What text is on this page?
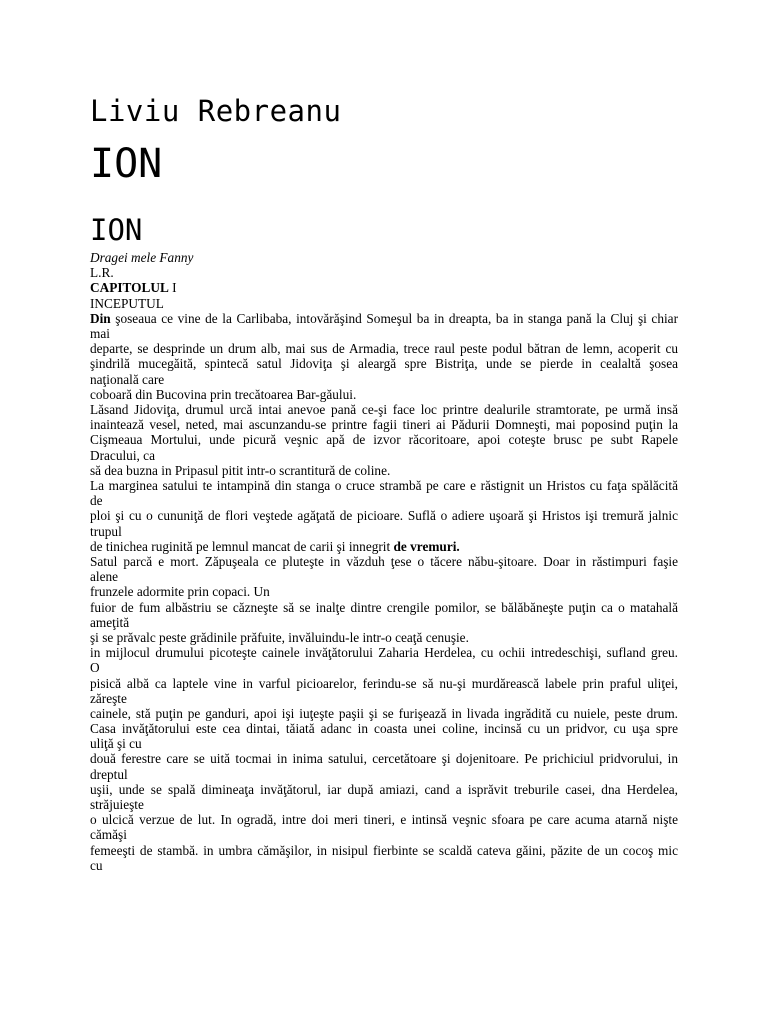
Liviu Rebreanu
ION
ION
Dragei mele Fanny
L.R.
CAPITOLUL I
INCEPUTUL
Din şoseaua ce vine de la Carlibaba, intovărăşind Someşul ba in dreapta, ba in stanga pană la Cluj şi chiar
mai
departe, se desprinde un drum alb, mai sus de Armadia, trece raul peste podul bătran de lemn, acoperit cu
şindrilă mucegăită, spintecă satul Jidoviţa şi aleargă spre Bistriţa, unde se pierde in cealaltă şosea
naţională care
coboară din Bucovina prin trecătoarea Bar-găului.
Lăsand Jidoviţa, drumul urcă intai anevoe pană ce-şi face loc printre dealurile stramtorate, pe urmă insă
inaintează vesel, neted, mai ascunzandu-se printre fagii tineri ai Pădurii Domneşti, mai poposind puţin la
Cişmeaua Mortului, unde picură veşnic apă de izvor răcoritoare, apoi coteşte brusc pe subt Rapele
Dracului, ca
să dea buzna in Pripasul pitit intr-o scrantitură de coline.
La marginea satului te intampină din stanga o cruce strambă pe care e răstignit un Hristos cu faţa spălăcită
de
ploi şi cu o cununiţă de flori veştede agăţată de picioare. Suflă o adiere uşoară şi Hristos işi tremură jalnic
trupul
de tinichea ruginită pe lemnul mancat de carii şi innegrit de vremuri.
Satul parcă e mort. Zăpuşeala ce pluteşte in văzduh ţese o tăcere năbu-şitoare. Doar in răstimpuri faşie
alene
frunzele adormite prin copaci. Un
fuior de fum albăstriu se căzneşte să se inalţe dintre crengile pomilor, se bălăbăneşte puţin ca o matahală
ameţită
şi se prăvalc peste grădinile prăfuite, invăluindu-le intr-o ceaţă cenuşie.
in mijlocul drumului picoteşte cainele invăţătorului Zaharia Herdelea, cu ochii intredeschişi, sufland greu.
O
pisică albă ca laptele vine in varful picioarelor, ferindu-se să nu-şi murdărească labele prin praful uliţei,
zăreşte
cainele, stă puţin pe ganduri, apoi işi iuţeşte paşii şi se furişează in livada ingrădită cu nuiele, peste drum.
Casa invăţătorului este cea dintai, tăiată adanc in coasta unei coline, incinsă cu un pridvor, cu uşa spre
uliţă şi cu
două ferestre care se uită tocmai in inima satului, cercetătoare şi dojenitoare. Pe prichiciul pridvorului, in
dreptul
uşii, unde se spală dimineaţa invăţătorul, iar după amiazi, cand a isprăvit treburile casei, dna Herdelea,
străjuieşte
o ulcică verzue de lut. In ogradă, intre doi meri tineri, e intinsă veşnic sfoara pe care acuma atarnă nişte
cămăşi
femeeşti de stambă. in umbra cămăşilor, in nisipul fierbinte se scaldă cateva găini, păzite de un cocoş mic
cu
